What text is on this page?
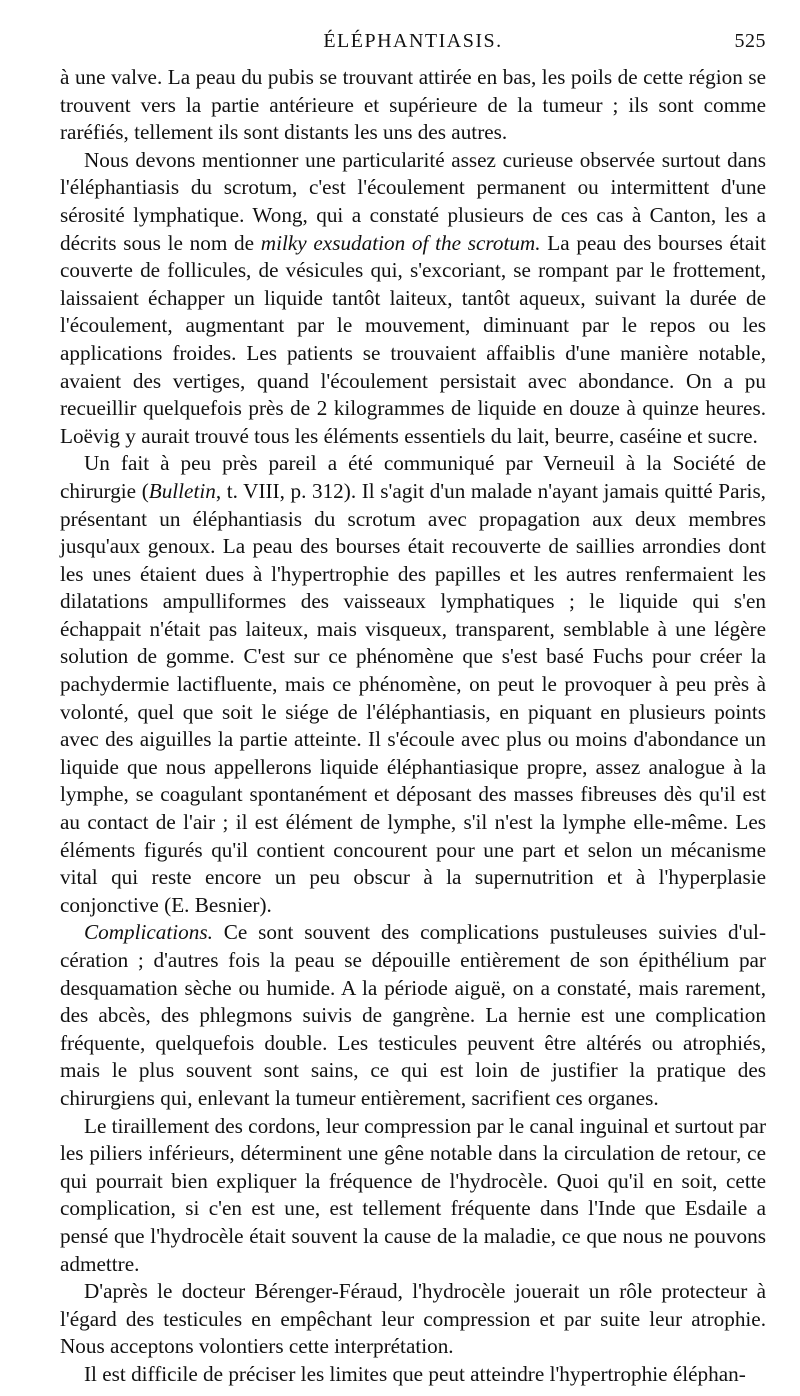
ÉLÉPHANTIASIS.	525

à une valve. La peau du pubis se trouvant attirée en bas, les poils de cette région se trouvent vers la partie antérieure et supérieure de la tumeur ; ils sont comme raréfiés, tellement ils sont distants les uns des autres.

Nous devons mentionner une particularité assez curieuse observée surtout dans l'éléphantiasis du scrotum, c'est l'écoulement permanent ou intermittent d'une sérosité lymphatique. Wong, qui a constaté plusieurs de ces cas à Canton, les a décrits sous le nom de milky exsudation of the scrotum. La peau des bourses était couverte de follicules, de vésicules qui, s'excoriant, se rompant par le frottement, laissaient échapper un liquide tantôt laiteux, tantôt aqueux, suivant la durée de l'écoulement, augmentant par le mouvement, diminuant par le repos ou les applications froides. Les patients se trouvaient affaiblis d'une manière notable, avaient des vertiges, quand l'écoulement persistait avec abondance. On a pu recueillir quelquefois près de 2 kilogrammes de liquide en douze à quinze heures. Loëvig y aurait trouvé tous les éléments essentiels du lait, beurre, caséine et sucre.

Un fait à peu près pareil a été communiqué par Verneuil à la Société de chirurgie (Bulletin, t. VIII, p. 312). Il s'agit d'un malade n'ayant jamais quitté Paris, présentant un éléphantiasis du scrotum avec propagation aux deux membres jusqu'aux genoux. La peau des bourses était recouverte de saillies arrondies dont les unes étaient dues à l'hypertrophie des papilles et les autres renfermaient les dilatations ampulliformes des vaisseaux lymphatiques ; le liquide qui s'en échappait n'était pas laiteux, mais visqueux, transparent, semblable à une légère solution de gomme. C'est sur ce phénomène que s'est basé Fuchs pour créer la pachydermie lactifluente, mais ce phénomène, on peut le provoquer à peu près à volonté, quel que soit le siége de l'éléphantiasis, en piquant en plusieurs points avec des aiguilles la partie atteinte. Il s'écoule avec plus ou moins d'abondance un liquide que nous appellerons liquide éléphantiasique propre, assez analogue à la lymphe, se coagulant spontanément et déposant des masses fibreuses dès qu'il est au contact de l'air ; il est élément de lymphe, s'il n'est la lymphe elle-même. Les éléments figurés qu'il contient concourent pour une part et selon un mécanisme vital qui reste encore un peu obscur à la supernutrition et à l'hyperplasie conjonctive (E. Besnier).

Complications. Ce sont souvent des complications pustuleuses suivies d'ulcération ; d'autres fois la peau se dépouille entièrement de son épithélium par desquamation sèche ou humide. A la période aiguë, on a constaté, mais rarement, des abcès, des phlegmons suivis de gangrène. La hernie est une complication fréquente, quelquefois double. Les testicules peuvent être altérés ou atrophiés, mais le plus souvent sont sains, ce qui est loin de justifier la pratique des chirurgiens qui, enlevant la tumeur entièrement, sacrifient ces organes.

Le tiraillement des cordons, leur compression par le canal inguinal et surtout par les piliers inférieurs, déterminent une gêne notable dans la circulation de retour, ce qui pourrait bien expliquer la fréquence de l'hydrocèle. Quoi qu'il en soit, cette complication, si c'en est une, est tellement fréquente dans l'Inde que Esdaile a pensé que l'hydrocèle était souvent la cause de la maladie, ce que nous ne pouvons admettre.

D'après le docteur Bérenger-Féraud, l'hydrocèle jouerait un rôle protecteur à l'égard des testicules en empêchant leur compression et par suite leur atrophie. Nous acceptons volontiers cette interprétation.

Il est difficile de préciser les limites que peut atteindre l'hypertrophie éléphan-
